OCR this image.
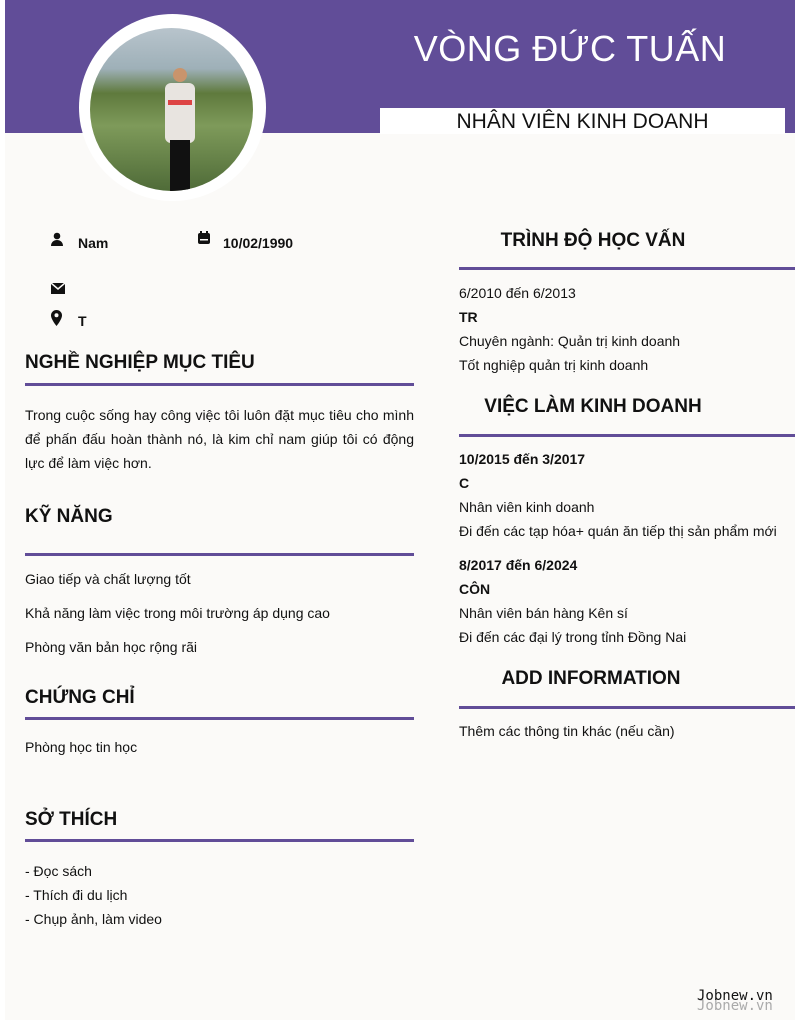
VÒNG ĐỨC TUẤN
NHÂN VIÊN KINH DOANH
Nam	10/02/1990
T
NGHỀ NGHIỆP MỤC TIÊU
Trong cuộc sống hay công việc tôi luôn đặt mục tiêu cho mình để phấn đấu hoàn thành nó, là kim chỉ nam giúp tôi có động lực để làm việc hơn.
KỸ NĂNG
Giao tiếp và chất lượng tốt
Khả năng làm việc trong môi trường áp dụng cao
Phòng văn bản học rộng rãi
CHỨNG CHỈ
Phòng học tin học
SỞ THÍCH
- Đọc sách
- Thích đi du lịch
- Chụp ảnh, làm video
TRÌNH ĐỘ HỌC VẤN
6/2010 đến 6/2013
TR
Chuyên ngành: Quản trị kinh doanh
Tốt nghiệp quản trị kinh doanh
VIỆC LÀM KINH DOANH
10/2015 đến 3/2017
C
Nhân viên kinh doanh
Đi đến các tạp hóa+ quán ăn tiếp thị sản phẩm mới
8/2017 đến 6/2024
CÔN
Nhân viên bán hàng Kên sí
Đi đến các đại lý trong tỉnh Đồng Nai
ADD INFORMATION
Thêm các thông tin khác (nếu cần)
Jobnew.vn
